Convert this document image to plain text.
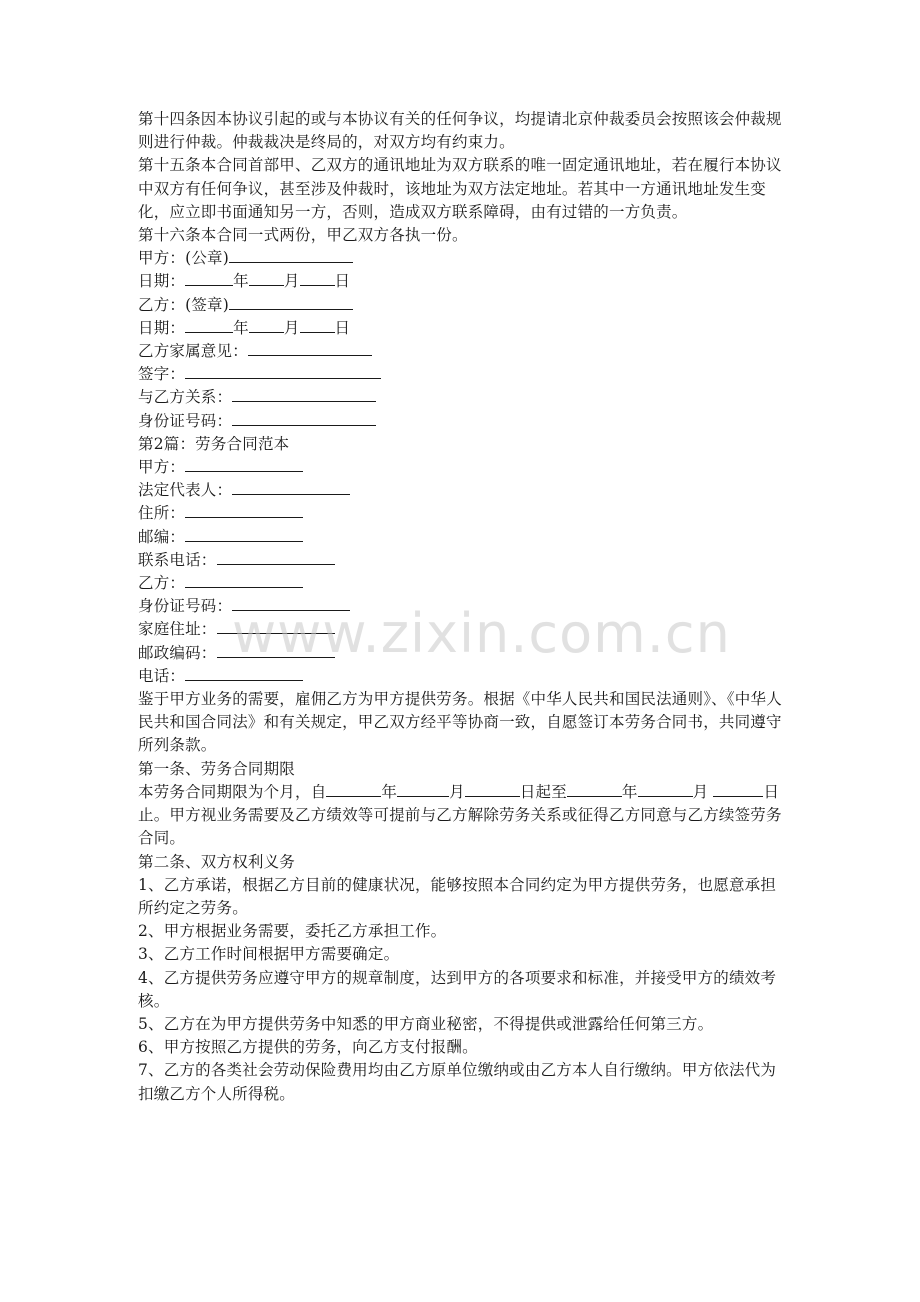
第十四条因本协议引起的或与本协议有关的任何争议，均提请北京仲裁委员会按照该会仲裁规则进行仲裁。仲裁裁决是终局的，对双方均有约束力。
第十五条本合同首部甲、乙双方的通讯地址为双方联系的唯一固定通讯地址，若在履行本协议中双方有任何争议，甚至涉及仲裁时，该地址为双方法定地址。若其中一方通讯地址发生变化，应立即书面通知另一方，否则，造成双方联系障碍，由有过错的一方负责。
第十六条本合同一式两份，甲乙双方各执一份。
甲方：(公章)
日期：	年 月 日
乙方：(签章)
日期：	年 月 日
乙方家属意见：
签字：
与乙方关系：
身份证号码：
第2篇：劳务合同范本
甲方：
法定代表人：
住所：
邮编：
联系电话：
乙方：
身份证号码：
家庭住址：
邮政编码：
电话：
鉴于甲方业务的需要，雇佣乙方为甲方提供劳务。根据《中华人民共和国民法通则》、《中华人民共和国合同法》和有关规定，甲乙双方经平等协商一致，自愿签订本劳务合同书，共同遵守所列条款。
第一条、劳务合同期限
本劳务合同期限为个月，自	年	月	日起至	年	月	日止。甲方视业务需要及乙方绩效等可提前与乙方解除劳务关系或征得乙方同意与乙方续签劳务合同。
第二条、双方权利义务
1、乙方承诺，根据乙方目前的健康状况，能够按照本合同约定为甲方提供劳务，也愿意承担所约定之劳务。
2、甲方根据业务需要，委托乙方承担工作。
3、乙方工作时间根据甲方需要确定。
4、乙方提供劳务应遵守甲方的规章制度，达到甲方的各项要求和标准，并接受甲方的绩效考核。
5、乙方在为甲方提供劳务中知悉的甲方商业秘密，不得提供或泄露给任何第三方。
6、甲方按照乙方提供的劳务，向乙方支付报酬。
7、乙方的各类社会劳动保险费用均由乙方原单位缴纳或由乙方本人自行缴纳。甲方依法代为扣缴乙方个人所得税。
www.zixin.com.cn
